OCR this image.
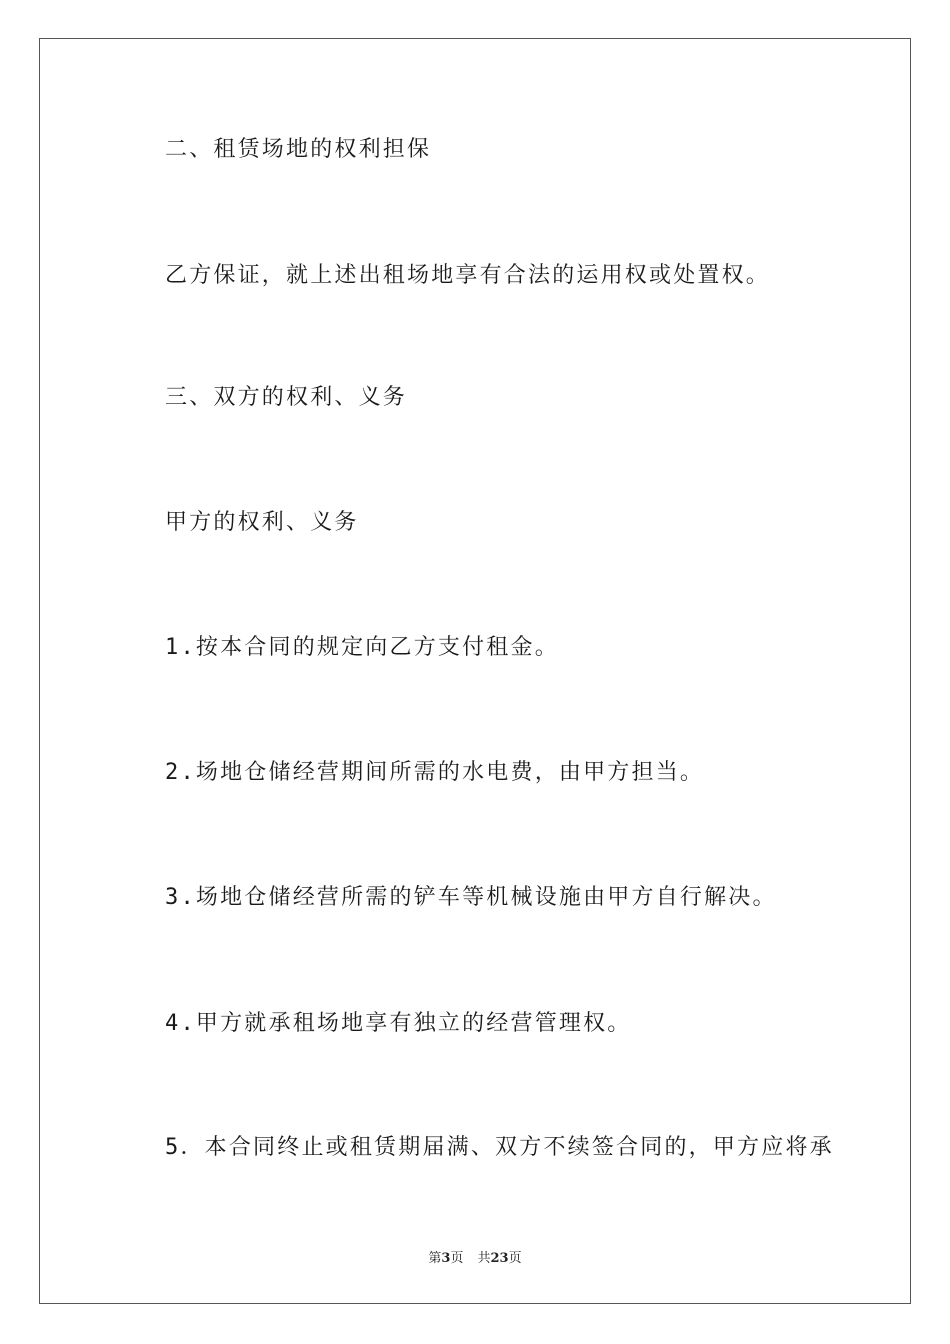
二、租赁场地的权利担保
乙方保证，就上述出租场地享有合法的运用权或处置权。
三、双方的权利、义务
甲方的权利、义务
1.按本合同的规定向乙方支付租金。
2.场地仓储经营期间所需的水电费，由甲方担当。
3.场地仓储经营所需的铲车等机械设施由甲方自行解决。
4.甲方就承租场地享有独立的经营管理权。
5．本合同终止或租赁期届满、双方不续签合同的，甲方应将承
第3页 共23页
